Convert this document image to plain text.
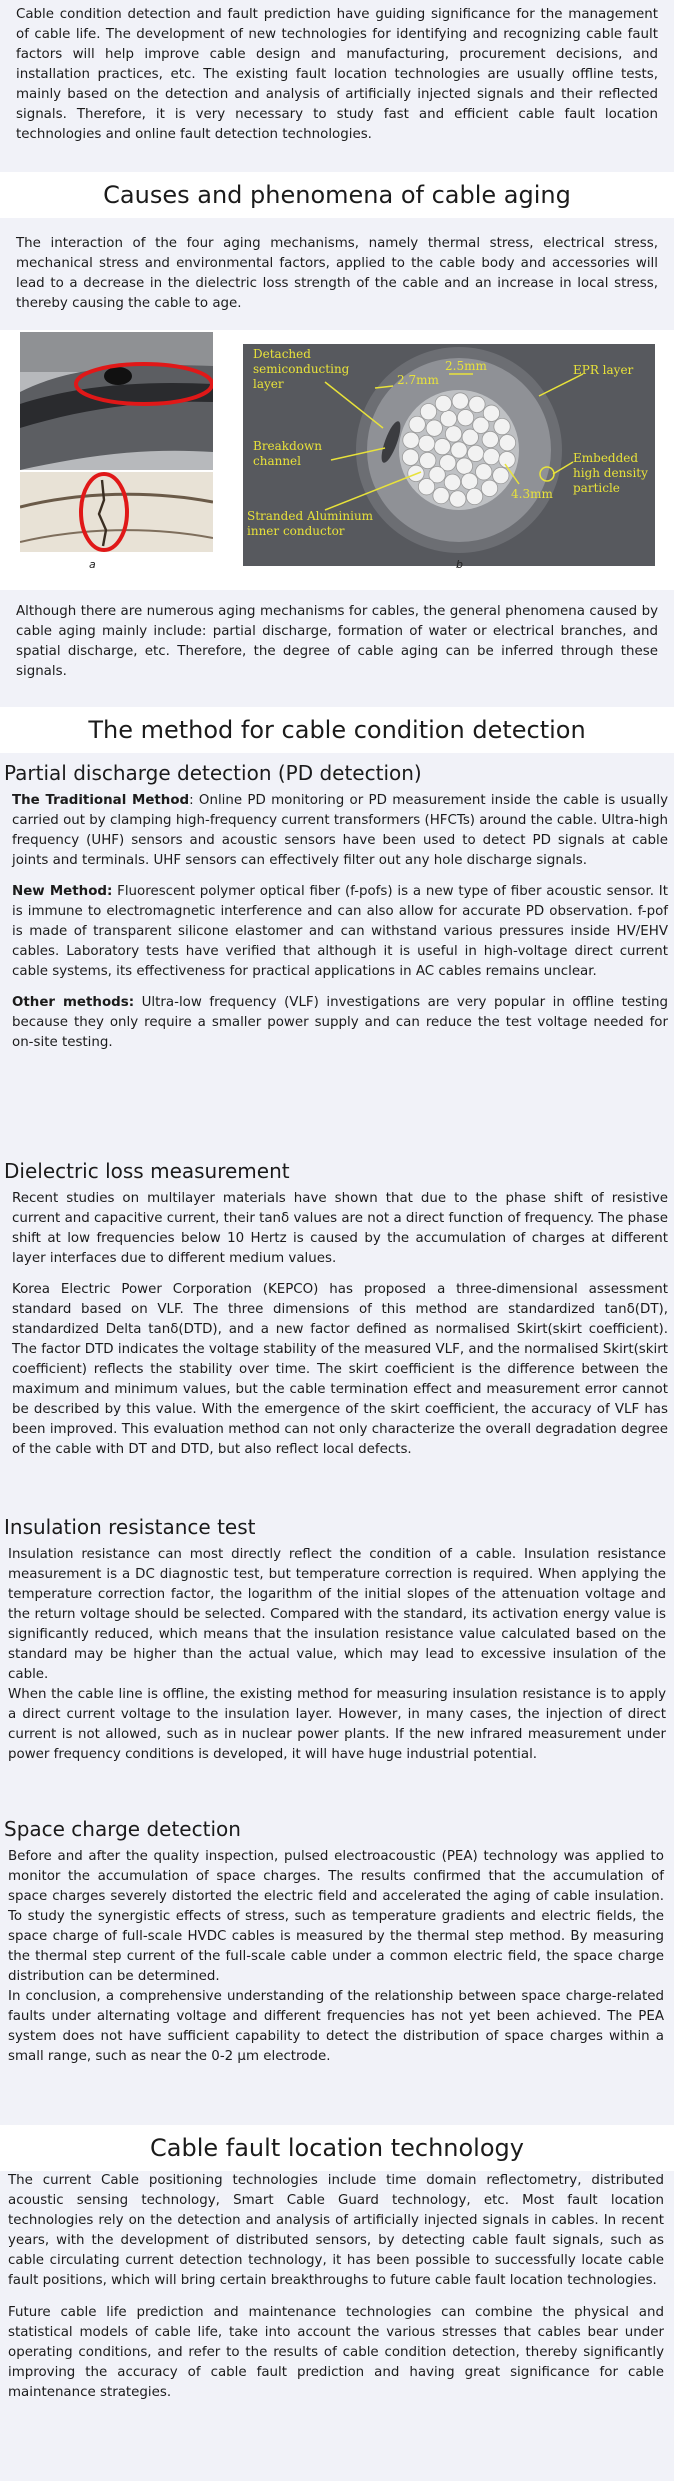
Cable condition detection and fault prediction have guiding significance for the management of cable life. The development of new technologies for identifying and recognizing cable fault factors will help improve cable design and manufacturing, procurement decisions, and installation practices, etc. The existing fault location technologies are usually offline tests, mainly based on the detection and analysis of artificially injected signals and their reflected signals. Therefore, it is very necessary to study fast and efficient cable fault location technologies and online fault detection technologies.

Causes and phenomena of cable aging

The interaction of the four aging mechanisms, namely thermal stress, electrical stress, mechanical stress and environmental factors, applied to the cable body and accessories will lead to a decrease in the dielectric loss strength of the cable and an increase in local stress, thereby causing the cable to age.

a
Detached semiconducting layer	2.7mm
2.5mm	EPR layer
Breakdown channel	Embedded high density particle
4.3mm
Stranded Aluminium inner conductor
b

Although there are numerous aging mechanisms for cables, the general phenomena caused by cable aging mainly include: partial discharge, formation of water or electrical branches, and spatial discharge, etc. Therefore, the degree of cable aging can be inferred through these signals.

The method for cable condition detection
Partial discharge detection (PD detection)

The Traditional Method: Online PD monitoring or PD measurement inside the cable is usually carried out by clamping high-frequency current transformers (HFCTs) around the cable. Ultra-high frequency (UHF) sensors and acoustic sensors have been used to detect PD signals at cable joints and terminals. UHF sensors can effectively filter out any hole discharge signals.

New Method: Fluorescent polymer optical fiber (f-pofs) is a new type of fiber acoustic sensor. It is immune to electromagnetic interference and can also allow for accurate PD observation. f-pof is made of transparent silicone elastomer and can withstand various pressures inside HV/EHV cables. Laboratory tests have verified that although it is useful in high-voltage direct current cable systems, its effectiveness for practical applications in AC cables remains unclear.

Other methods: Ultra-low frequency (VLF) investigations are very popular in offline testing because they only require a smaller power supply and can reduce the test voltage needed for on-site testing.

Dielectric loss measurement

Recent studies on multilayer materials have shown that due to the phase shift of resistive current and capacitive current, their tanδ values are not a direct function of frequency. The phase shift at low frequencies below 10 Hertz is caused by the accumulation of charges at different layer interfaces due to different medium values.

Korea Electric Power Corporation (KEPCO) has proposed a three-dimensional assessment standard based on VLF. The three dimensions of this method are standardized tanδ(DT), standardized Delta tanδ(DTD), and a new factor defined as normalised Skirt(skirt coefficient). The factor DTD indicates the voltage stability of the measured VLF, and the normalised Skirt(skirt coefficient) reflects the stability over time. The skirt coefficient is the difference between the maximum and minimum values, but the cable termination effect and measurement error cannot be described by this value. With the emergence of the skirt coefficient, the accuracy of VLF has been improved. This evaluation method can not only characterize the overall degradation degree of the cable with DT and DTD, but also reflect local defects.

Insulation resistance test

Insulation resistance can most directly reflect the condition of a cable. Insulation resistance measurement is a DC diagnostic test, but temperature correction is required. When applying the temperature correction factor, the logarithm of the initial slopes of the attenuation voltage and the return voltage should be selected. Compared with the standard, its activation energy value is significantly reduced, which means that the insulation resistance value calculated based on the standard may be higher than the actual value, which may lead to excessive insulation of the cable.

When the cable line is offline, the existing method for measuring insulation resistance is to apply a direct current voltage to the insulation layer. However, in many cases, the injection of direct current is not allowed, such as in nuclear power plants. If the new infrared measurement under power frequency conditions is developed, it will have huge industrial potential.

Space charge detection

Before and after the quality inspection, pulsed electroacoustic (PEA) technology was applied to monitor the accumulation of space charges. The results confirmed that the accumulation of space charges severely distorted the electric field and accelerated the aging of cable insulation. To study the synergistic effects of stress, such as temperature gradients and electric fields, the space charge of full-scale HVDC cables is measured by the thermal step method. By measuring the thermal step current of the full-scale cable under a common electric field, the space charge distribution can be determined.

In conclusion, a comprehensive understanding of the relationship between space charge-related faults under alternating voltage and different frequencies has not yet been achieved. The PEA system does not have sufficient capability to detect the distribution of space charges within a small range, such as near the 0-2 μm electrode.

Cable fault location technology

The current Cable positioning technologies include time domain reflectometry, distributed acoustic sensing technology, Smart Cable Guard technology, etc. Most fault location technologies rely on the detection and analysis of artificially injected signals in cables. In recent years, with the development of distributed sensors, by detecting cable fault signals, such as cable circulating current detection technology, it has been possible to successfully locate cable fault positions, which will bring certain breakthroughs to future cable fault location technologies.

Future cable life prediction and maintenance technologies can combine the physical and statistical models of cable life, take into account the various stresses that cables bear under operating conditions, and refer to the results of cable condition detection, thereby significantly improving the accuracy of cable fault prediction and having great significance for cable maintenance strategies.
